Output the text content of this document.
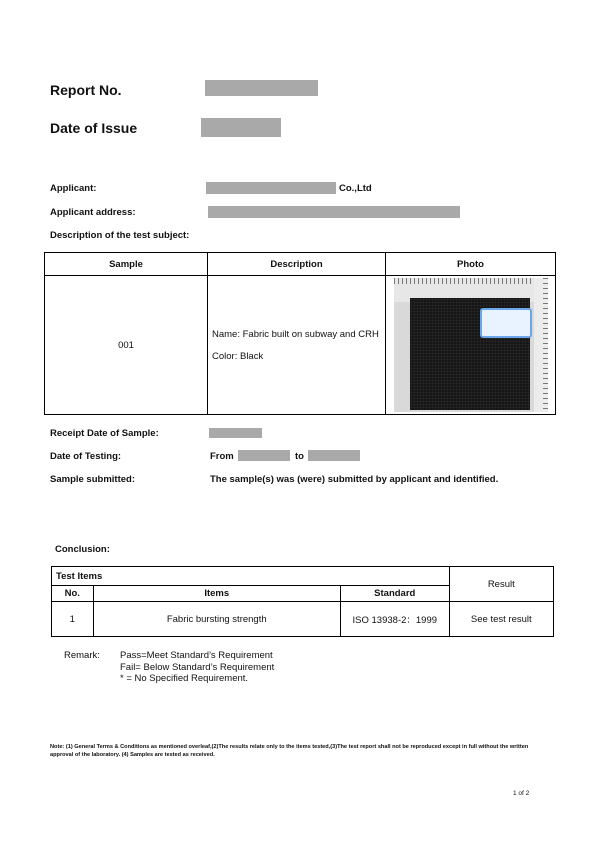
Report No.
Date of Issue
Applicant:	Co.,Ltd
Applicant address:
Description of the test subject:
Sample	Description	Photo
001	Name: Fabric built on subway and CRH
Color: Black	

Receipt Date of Sample:
Date of Testing:	From	to
Sample submitted:	The sample(s) was (were) submitted by applicant and identified.
Conclusion:
Test Items			Result
No.	Items	Standard	
1	Fabric bursting strength	ISO 13938-2：1999	See test result
Remark: Pass=Meet Standard’s Requirement
Fail= Below Standard’s Requirement
* = No Specified Requirement.
Note: (1) General Terms & Conditions as mentioned overleaf,(2)The results relate only to the items tested,(3)The test report shall not be reproduced except in full without the written approval of the laboratory. (4) Samples are tested as received.
1 of 2
